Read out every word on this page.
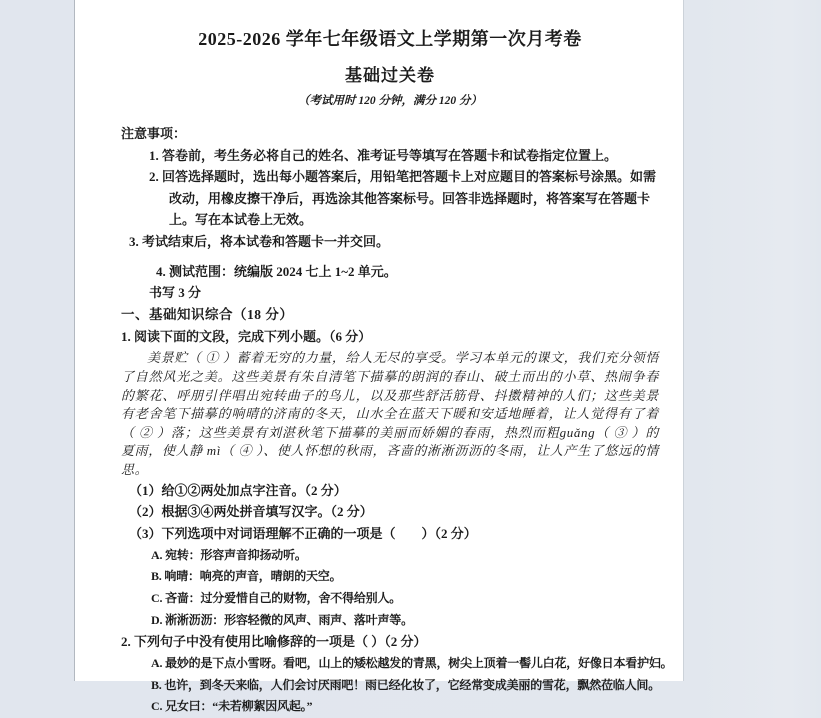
2025-2026 学年七年级语文上学期第一次月考卷
基础过关卷
（考试用时 120 分钟，满分 120 分）

注意事项：

1. 答卷前，考生务必将自己的姓名、准考证号等填写在答题卡和试卷指定位置上。

2. 回答选择题时，选出每小题答案后，用铅笔把答题卡上对应题目的答案标号涂黑。如需改动，用橡皮擦干净后，再选涂其他答案标号。回答非选择题时，将答案写在答题卡上。写在本试卷上无效。

3. 考试结束后，将本试卷和答题卡一并交回。

4. 测试范围：统编版 2024 七上 1~2 单元。

书写 3 分

一、基础知识综合（18 分）

1. 阅读下面的文段，完成下列小题。（6 分）

美景贮（ ① ）蓄着无穷的力量，给人无尽的享受。学习本单元的课文，我们充分领悟了自然风光之美。这些美景有朱自清笔下描摹的朗润的春山、破土而出的小草、热闹争春的繁花、呼朋引伴唱出宛转曲子的鸟儿，以及那些舒活筋骨、抖擞精神的人们；这些美景有老舍笔下描摹的响晴的济南的冬天，山水全在蓝天下暖和安适地睡着，让人觉得有了着（ ② ）落；这些美景有刘湛秋笔下描摹的美丽而娇媚的春雨，热烈而粗guǎng（ ③ ）的夏雨，使人静 mì（ ④ ）、使人怀想的秋雨，吝啬的淅淅沥沥的冬雨，让人产生了悠远的情思。

（1）给①②两处加点字注音。（2 分）

（2）根据③④两处拼音填写汉字。（2 分）

（3）下列选项中对词语理解不正确的一项是（　　）（2 分）

A. 宛转：形容声音抑扬动听。

B. 响晴：响亮的声音，晴朗的天空。

C. 吝啬：过分爱惜自己的财物，舍不得给别人。

D. 淅淅沥沥：形容轻微的风声、雨声、落叶声等。

2. 下列句子中没有使用比喻修辞的一项是（ ）（2 分）

A. 最妙的是下点小雪呀。看吧，山上的矮松越发的青黑，树尖上顶着一髻儿白花，好像日本看护妇。

B. 也许，到冬天来临，人们会讨厌雨吧！雨已经化妆了，它经常变成美丽的雪花，飘然莅临人间。

C. 兄女曰：“未若柳絮因风起。”
